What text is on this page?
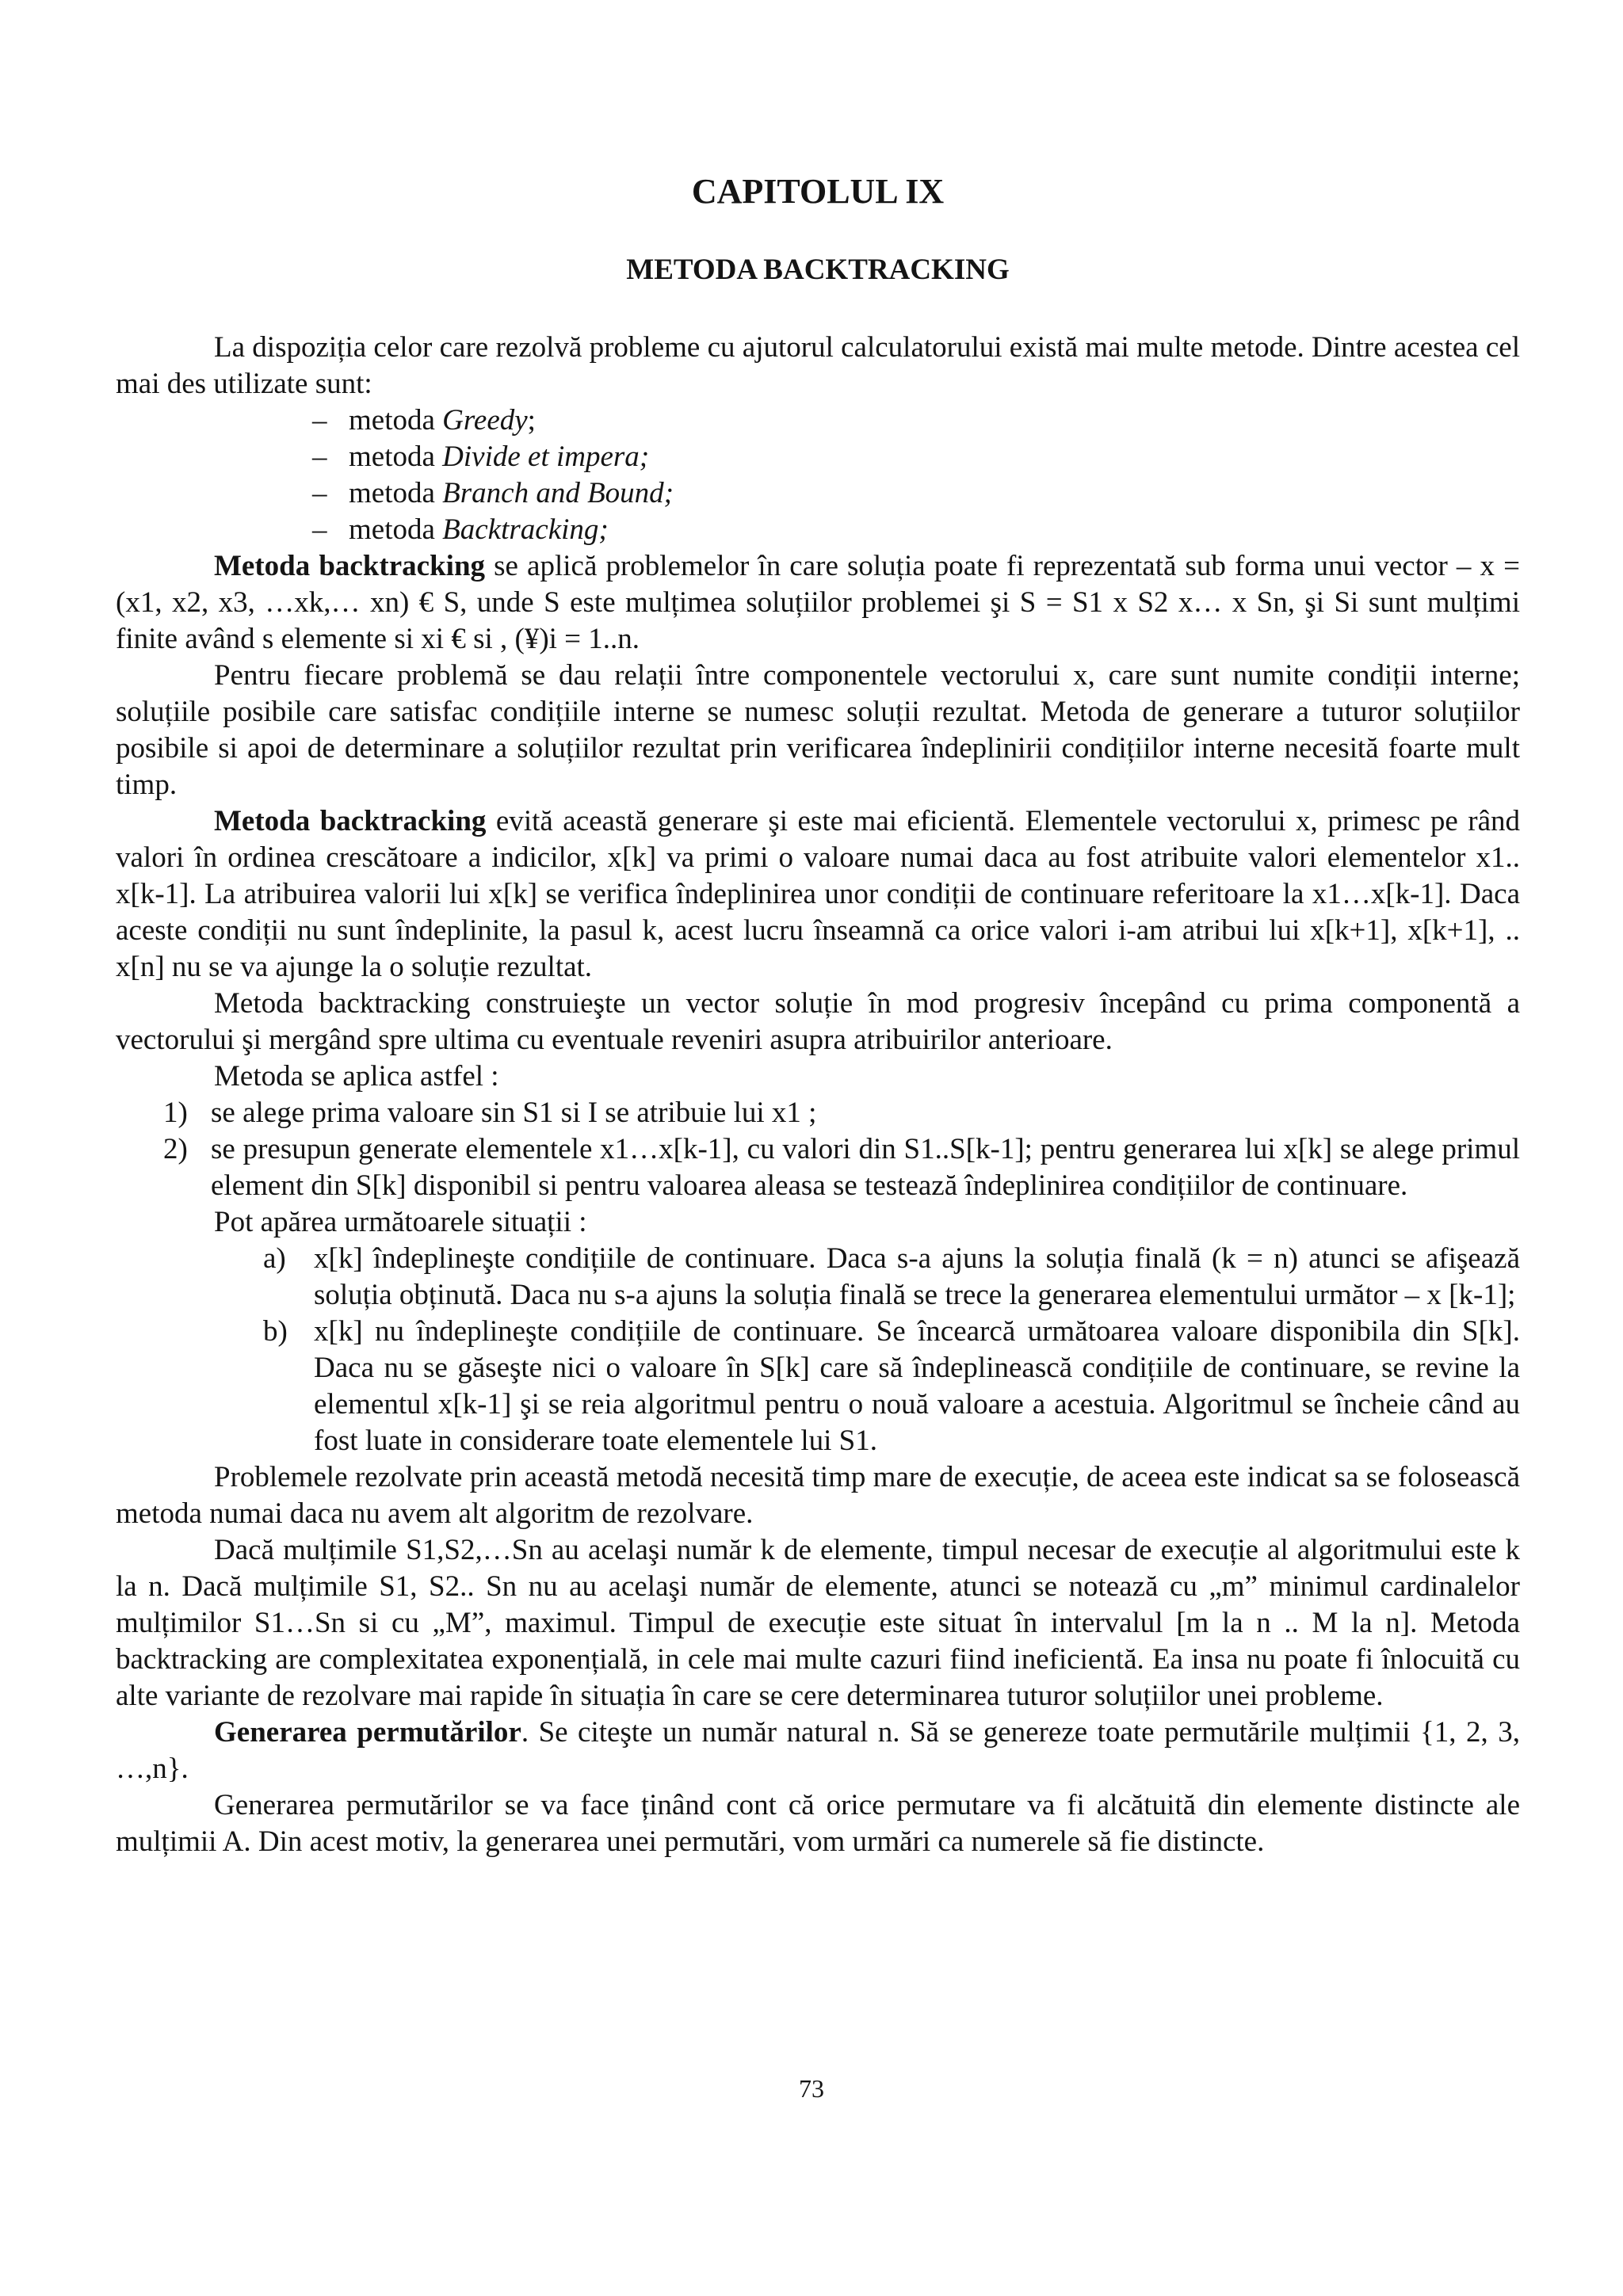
CAPITOLUL IX
METODA BACKTRACKING

La dispoziția celor care rezolvă probleme cu ajutorul calculatorului există mai multe metode. Dintre acestea cel mai des utilizate sunt:

– metoda Greedy;
– metoda Divide et impera;
– metoda Branch and Bound;
– metoda Backtracking;

Metoda backtracking se aplică problemelor în care soluția poate fi reprezentată sub forma unui vector – x = (x1, x2, x3, …xk,… xn) € S, unde S este mulțimea soluțiilor problemei şi S = S1 x S2 x… x Sn, şi Si sunt mulțimi finite având s elemente si xi € si , (¥)i = 1..n.

Pentru fiecare problemă se dau relații între componentele vectorului x, care sunt numite condiții interne; soluțiile posibile care satisfac condițiile interne se numesc soluții rezultat. Metoda de generare a tuturor soluțiilor posibile si apoi de determinare a soluțiilor rezultat prin verificarea îndeplinirii condițiilor interne necesită foarte mult timp.

Metoda backtracking evită această generare şi este mai eficientă. Elementele vectorului x, primesc pe rând valori în ordinea crescătoare a indicilor, x[k] va primi o valoare numai daca au fost atribuite valori elementelor x1.. x[k-1]. La atribuirea valorii lui x[k] se verifica îndeplinirea unor condiții de continuare referitoare la x1…x[k-1]. Daca aceste condiții nu sunt îndeplinite, la pasul k, acest lucru înseamnă ca orice valori i-am atribui lui x[k+1], x[k+1], .. x[n] nu se va ajunge la o soluție rezultat.

Metoda backtracking construieşte un vector soluție în mod progresiv începând cu prima componentă a vectorului şi mergând spre ultima cu eventuale reveniri asupra atribuirilor anterioare.

Metoda se aplica astfel :

1) se alege prima valoare sin S1 si I se atribuie lui x1 ;
2) se presupun generate elementele x1…x[k-1], cu valori din S1..S[k-1]; pentru generarea lui x[k] se alege primul element din S[k] disponibil si pentru valoarea aleasa se testează îndeplinirea condițiilor de continuare.

Pot apărea următoarele situații :

a) x[k] îndeplineşte condițiile de continuare. Daca s-a ajuns la soluția finală (k = n) atunci se afişează soluția obținută. Daca nu s-a ajuns la soluția finală se trece la generarea elementului următor – x [k-1];
b) x[k] nu îndeplineşte condițiile de continuare. Se încearcă următoarea valoare disponibila din S[k]. Daca nu se găseşte nici o valoare în S[k] care să îndeplinească condițiile de continuare, se revine la elementul x[k-1] şi se reia algoritmul pentru o nouă valoare a acestuia. Algoritmul se încheie când au fost luate in considerare toate elementele lui S1.

Problemele rezolvate prin această metodă necesită timp mare de execuție, de aceea este indicat sa se folosească metoda numai daca nu avem alt algoritm de rezolvare.

Dacă mulțimile S1,S2,…Sn au acelaşi număr k de elemente, timpul necesar de execuție al algoritmului este k la n. Dacă mulțimile S1, S2.. Sn nu au acelaşi număr de elemente, atunci se notează cu „m” minimul cardinalelor mulțimilor S1…Sn si cu „M”, maximul. Timpul de execuție este situat în intervalul [m la n .. M la n]. Metoda backtracking are complexitatea exponențială, in cele mai multe cazuri fiind ineficientă. Ea insa nu poate fi înlocuită cu alte variante de rezolvare mai rapide în situația în care se cere determinarea tuturor soluțiilor unei probleme.

Generarea permutărilor. Se citeşte un număr natural n. Să se genereze toate permutările mulțimii {1, 2, 3, …,n}.

Generarea permutărilor se va face ținând cont că orice permutare va fi alcătuită din elemente distincte ale mulțimii A. Din acest motiv, la generarea unei permutări, vom urmări ca numerele să fie distincte.

73
